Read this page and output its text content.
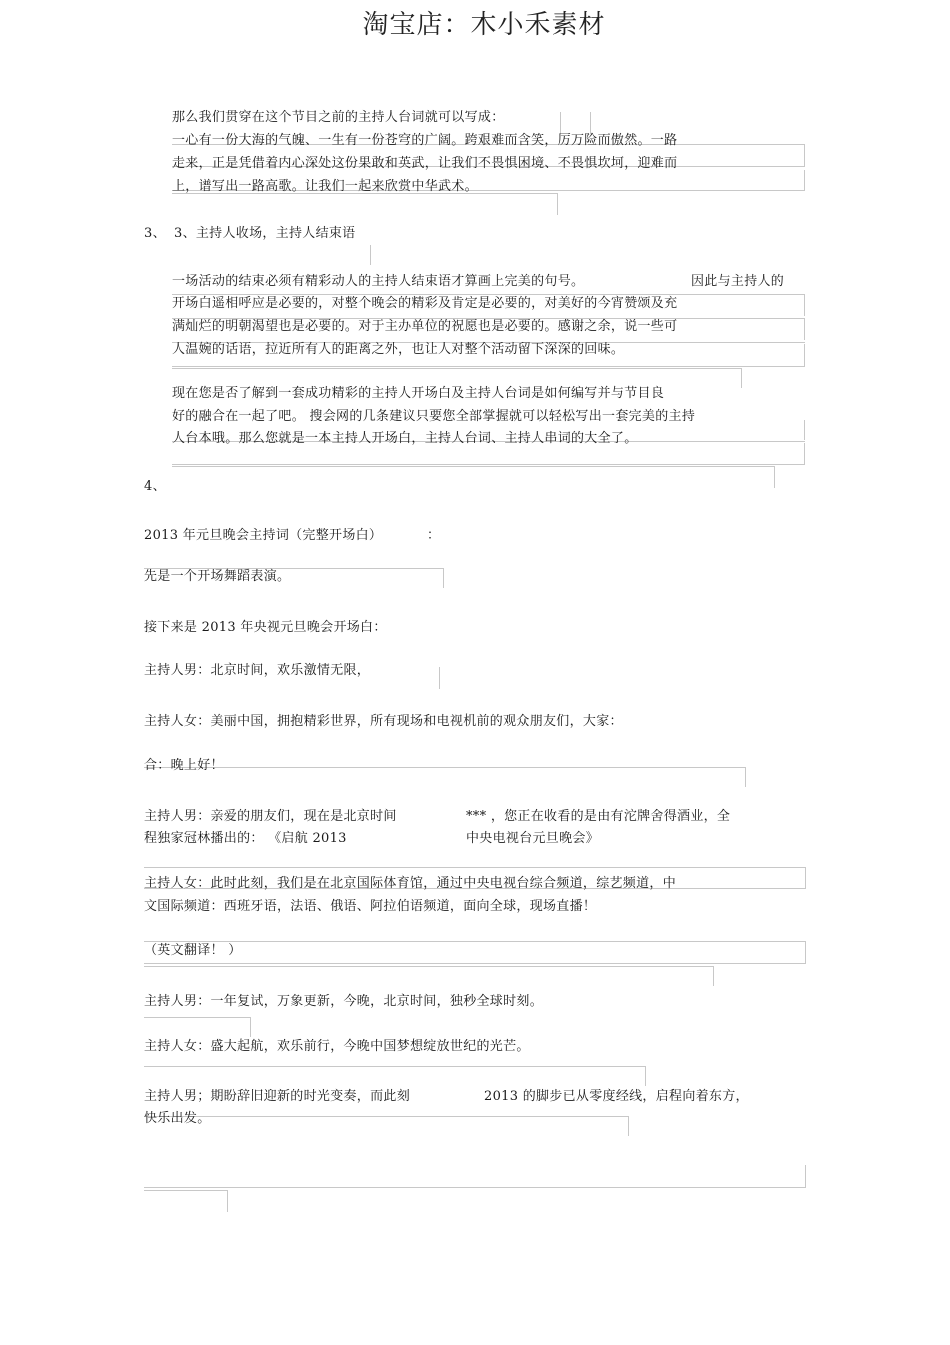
淘宝店：木小禾素材
那么我们贯穿在这个节目之前的主持人台词就可以写成：
一心有一份大海的气魄、一生有一份苍穹的广阔。跨艰难而含笑，厉万险而傲然。一路
走来，正是凭借着内心深处这份果敢和英武，让我们不畏惧困境、不畏惧坎坷，迎难而
上，谱写出一路高歌。让我们一起来欣赏中华武术。
3、 3、主持人收场，主持人结束语
一场活动的结束必须有精彩动人的主持人结束语才算画上完美的句号。	因此与主持人的
开场白遥相呼应是必要的，对整个晚会的精彩及肯定是必要的，对美好的今宵赞颂及充
满灿烂的明朝渴望也是必要的。对于主办单位的祝愿也是必要的。感谢之余，说一些可
人温婉的话语，拉近所有人的距离之外，也让人对整个活动留下深深的回味。
现在您是否了解到一套成功精彩的主持人开场白及主持人台词是如何编写并与节目良
好的融合在一起了吧。 搜会网的几条建议只要您全部掌握就可以轻松写出一套完美的主持
人台本哦。那么您就是一本主持人开场白，主持人台词、主持人串词的大全了。
4、
2013 年元旦晚会主持词（完整开场白）	：
先是一个开场舞蹈表演。
接下来是 2013 年央视元旦晚会开场白：
主持人男：北京时间，欢乐激情无限，
主持人女：美丽中国，拥抱精彩世界，所有现场和电视机前的观众朋友们，大家：
合：晚上好！
主持人男：亲爱的朋友们，现在是北京时间	*** ，您正在收看的是由有沱牌舍得酒业，全
程独家冠林播出的： 《启航 2013	中央电视台元旦晚会》
主持人女：此时此刻，我们是在北京国际体育馆，通过中央电视台综合频道，综艺频道，中
文国际频道：西班牙语，法语、俄语、阿拉伯语频道，面向全球，现场直播！
（英文翻译！ ）
主持人男：一年复试，万象更新，今晚，北京时间，独秒全球时刻。
主持人女：盛大起航，欢乐前行，今晚中国梦想绽放世纪的光芒。
主持人男；期盼辞旧迎新的时光变奏，而此刻	2013 的脚步已从零度经线，启程向着东方，
快乐出发。
